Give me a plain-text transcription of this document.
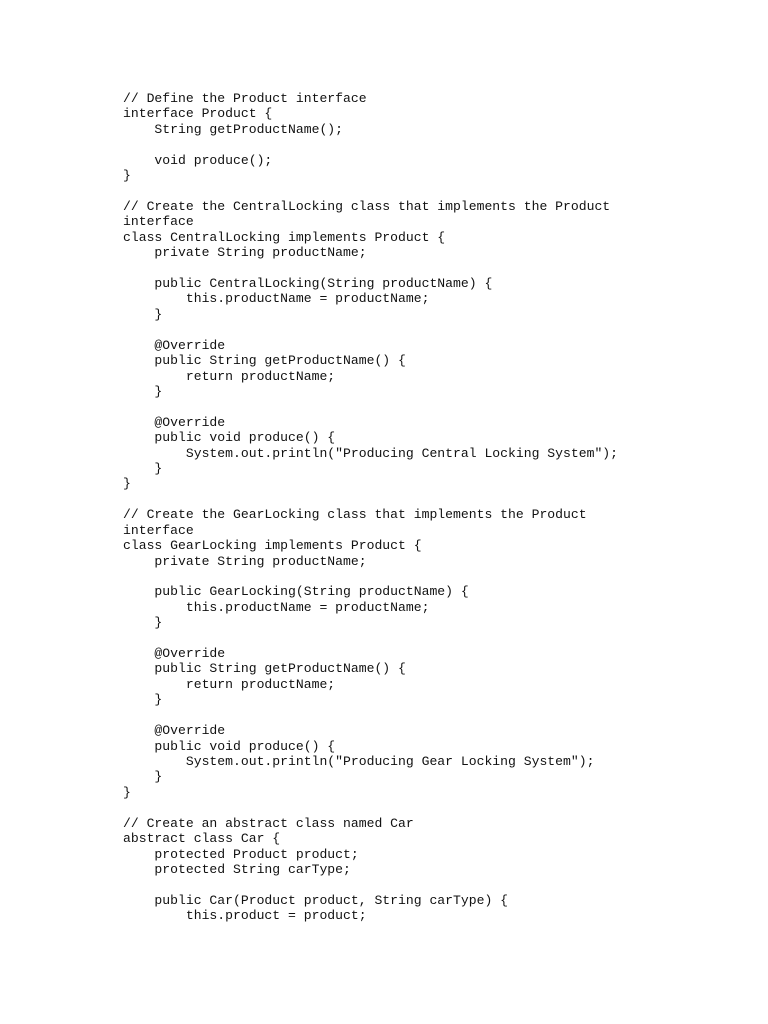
// Define the Product interface
interface Product {
String getProductName();
void produce();
}
// Create the CentralLocking class that implements the Product
interface
class CentralLocking implements Product {
private String productName;
public CentralLocking(String productName) {
this.productName = productName;
}
@Override
public String getProductName() {
return productName;
}
@Override
public void produce() {
System.out.println("Producing Central Locking System");
}
}
// Create the GearLocking class that implements the Product
interface
class GearLocking implements Product {
private String productName;
public GearLocking(String productName) {
this.productName = productName;
}
@Override
public String getProductName() {
return productName;
}
@Override
public void produce() {
System.out.println("Producing Gear Locking System");
}
}
// Create an abstract class named Car
abstract class Car {
protected Product product;
protected String carType;
public Car(Product product, String carType) {
this.product = product;
